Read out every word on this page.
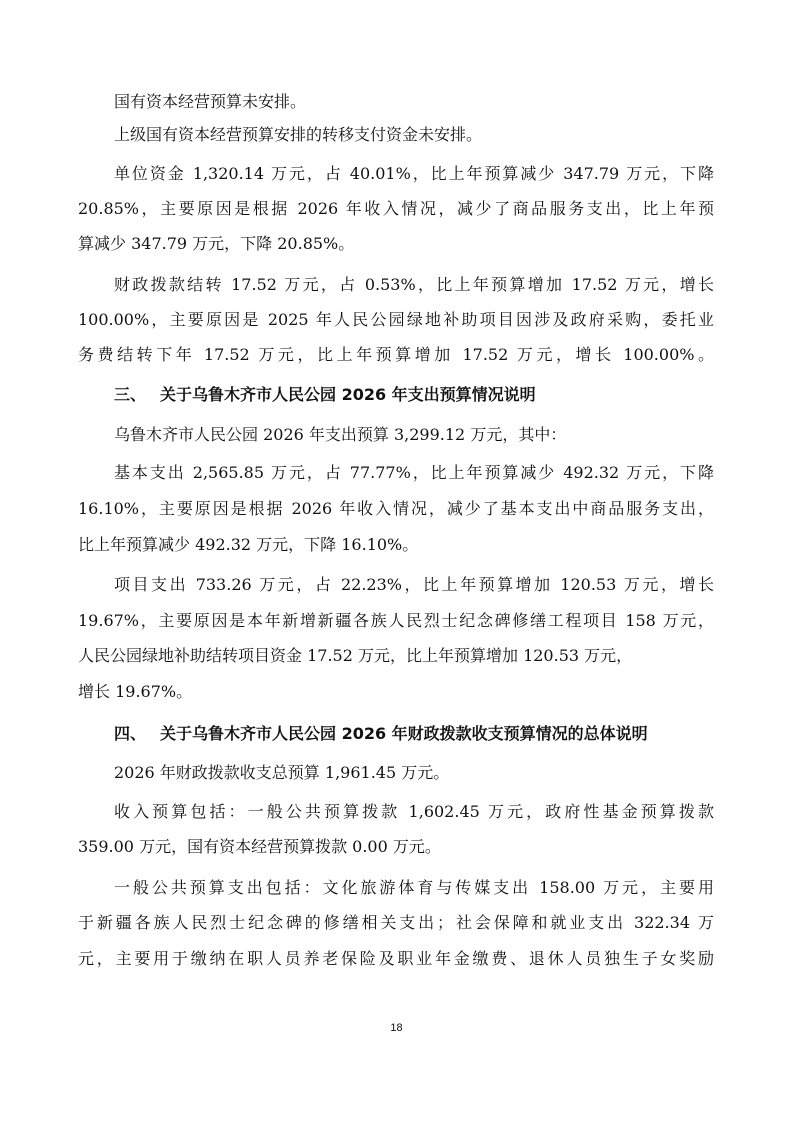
国有资本经营预算未安排。

上级国有资本经营预算安排的转移支付资金未安排。

单位资金 1,320.14 万元，占 40.01%，比上年预算减少 347.79 万元，下降

20.85%，主要原因是根据 2026 年收入情况，减少了商品服务支出，比上年预

算减少 347.79 万元，下降 20.85%。

财政拨款结转 17.52 万元，占 0.53%，比上年预算增加 17.52 万元，增长

100.00%，主要原因是 2025 年人民公园绿地补助项目因涉及政府采购，委托业

务费结转下年 17.52 万元，比上年预算增加 17.52 万元，增长 100.00%。

三、 关于乌鲁木齐市人民公园 2026 年支出预算情况说明

乌鲁木齐市人民公园 2026 年支出预算 3,299.12 万元，其中：

基本支出 2,565.85 万元，占 77.77%，比上年预算减少 492.32 万元，下降

16.10%，主要原因是根据 2026 年收入情况，减少了基本支出中商品服务支出，

比上年预算减少 492.32 万元，下降 16.10%。

项目支出 733.26 万元，占 22.23%，比上年预算增加 120.53 万元，增长

19.67%，主要原因是本年新增新疆各族人民烈士纪念碑修缮工程项目 158 万元，

人民公园绿地补助结转项目资金 17.52 万元，比上年预算增加 120.53 万元，

增长 19.67%。

四、 关于乌鲁木齐市人民公园 2026 年财政拨款收支预算情况的总体说明

2026 年财政拨款收支总预算 1,961.45 万元。

收入预算包括：一般公共预算拨款 1,602.45 万元，政府性基金预算拨款

359.00 万元，国有资本经营预算拨款 0.00 万元。

一般公共预算支出包括：文化旅游体育与传媒支出 158.00 万元，主要用

于新疆各族人民烈士纪念碑的修缮相关支出；社会保障和就业支出 322.34 万

元，主要用于缴纳在职人员养老保险及职业年金缴费、退休人员独生子女奖励

18
